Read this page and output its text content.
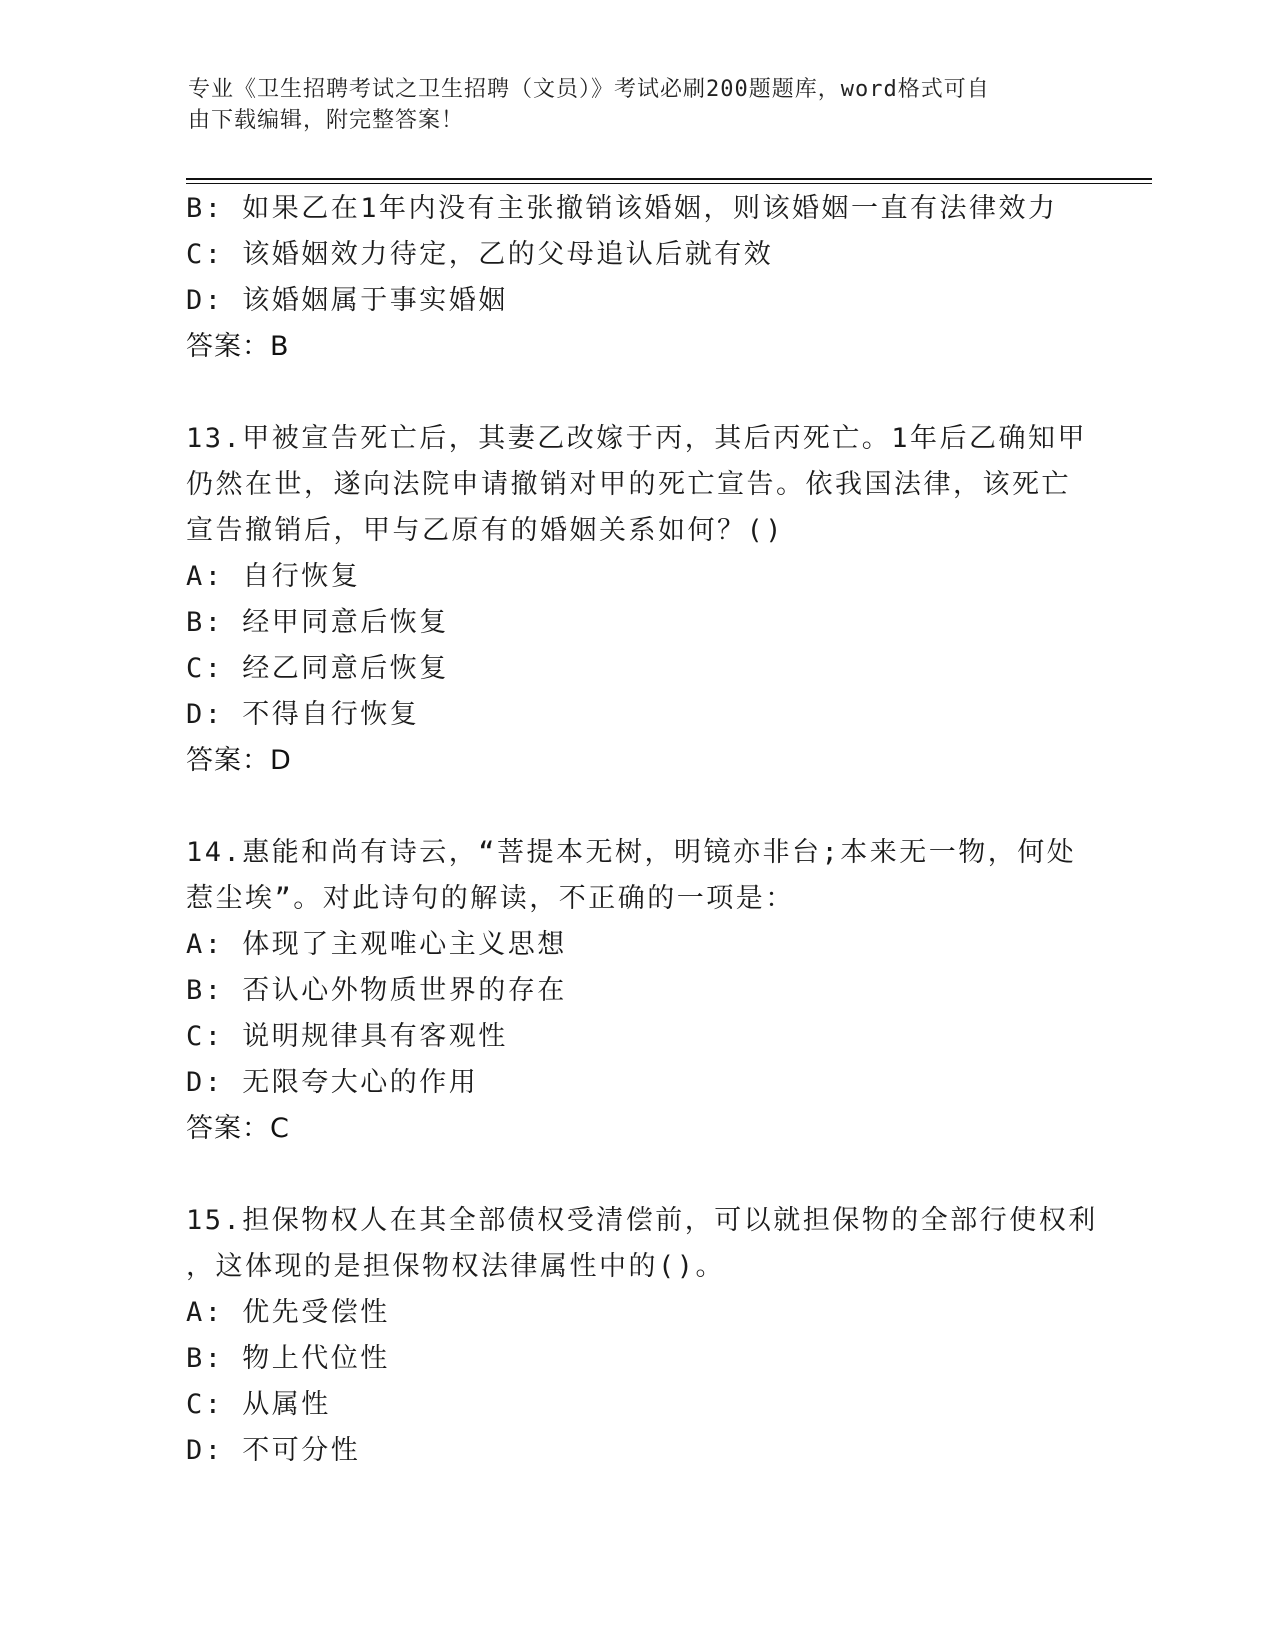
专业《卫生招聘考试之卫生招聘（文员）》考试必刷200题题库，word格式可自
由下载编辑，附完整答案！
B: 如果乙在1年内没有主张撤销该婚姻，则该婚姻一直有法律效力
C: 该婚姻效力待定，乙的父母追认后就有效
D: 该婚姻属于事实婚姻
答案：B
13.甲被宣告死亡后，其妻乙改嫁于丙，其后丙死亡。1年后乙确知甲
仍然在世，遂向法院申请撤销对甲的死亡宣告。依我国法律，该死亡
宣告撤销后，甲与乙原有的婚姻关系如何？()
A: 自行恢复
B: 经甲同意后恢复
C: 经乙同意后恢复
D: 不得自行恢复
答案：D
14.惠能和尚有诗云，“菩提本无树，明镜亦非台;本来无一物，何处
惹尘埃”。对此诗句的解读，不正确的一项是：
A: 体现了主观唯心主义思想
B: 否认心外物质世界的存在
C: 说明规律具有客观性
D: 无限夸大心的作用
答案：C
15.担保物权人在其全部债权受清偿前，可以就担保物的全部行使权利
，这体现的是担保物权法律属性中的()。
A: 优先受偿性
B: 物上代位性
C: 从属性
D: 不可分性
